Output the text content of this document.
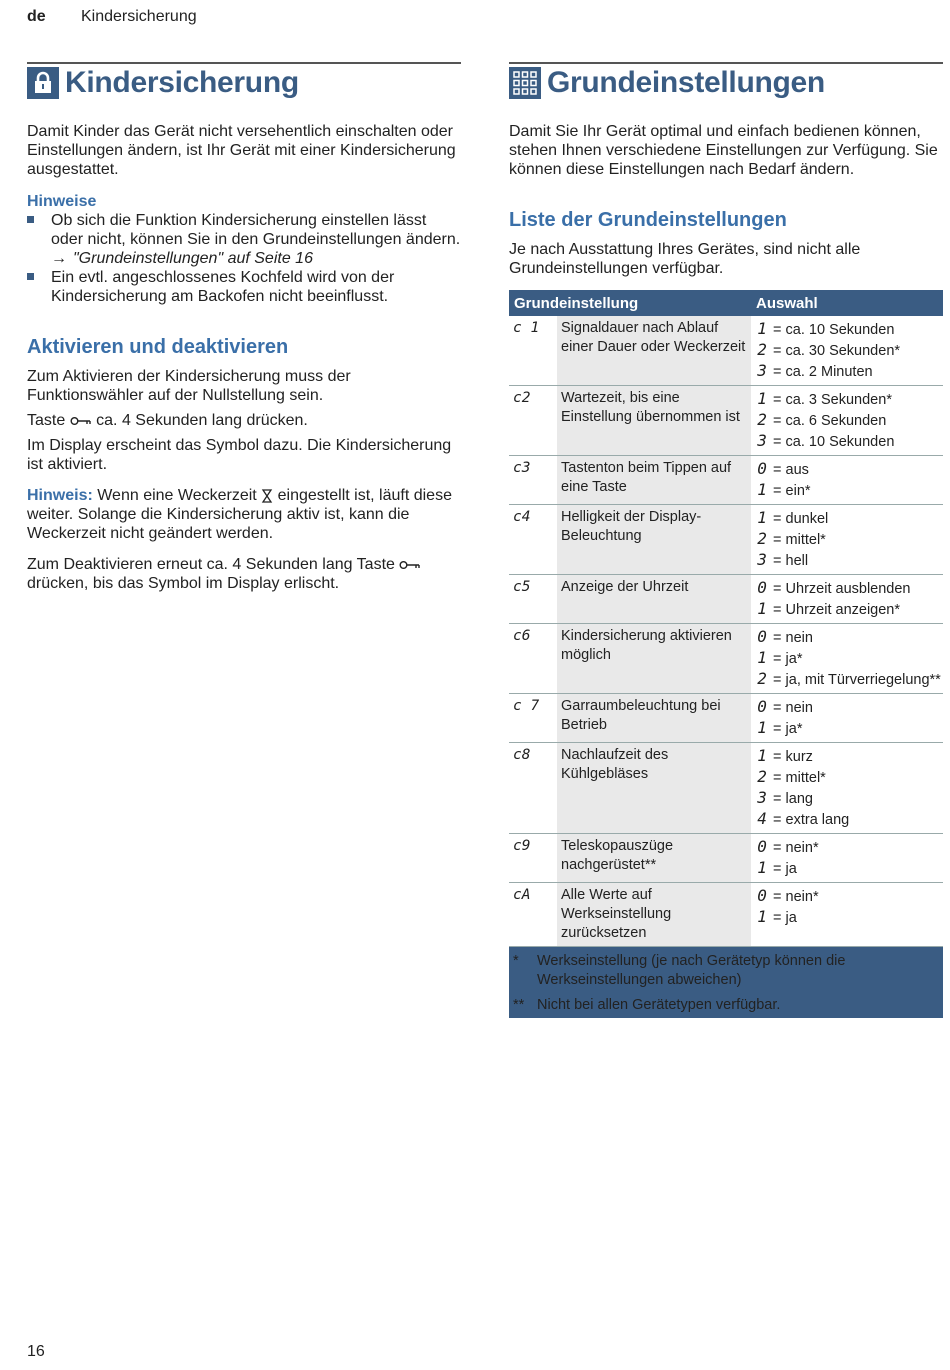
de Kindersicherung
Kindersicherung

Damit Kinder das Gerät nicht versehentlich einschalten oder Einstellungen ändern, ist Ihr Gerät mit einer Kindersicherung ausgestattet.

Hinweise
Ob sich die Funktion Kindersicherung einstellen lässt oder nicht, können Sie in den Grundeinstellungen ändern.
→ "Grundeinstellungen" auf Seite 16
Ein evtl. angeschlossenes Kochfeld wird von der Kindersicherung am Backofen nicht beeinflusst.
Aktivieren und deaktivieren

Zum Aktivieren der Kindersicherung muss der Funktionswähler auf der Nullstellung sein.

Taste ca. 4 Sekunden lang drücken.

Im Display erscheint das Symbol dazu. Die Kindersicherung ist aktiviert.

Hinweis: Wenn eine Weckerzeit eingestellt ist, läuft diese weiter. Solange die Kindersicherung aktiv ist, kann die Weckerzeit nicht geändert werden.

Zum Deaktivieren erneut ca. 4 Sekunden lang Taste  drücken, bis das Symbol im Display erlischt.

Grundeinstellungen

Damit Sie Ihr Gerät optimal und einfach bedienen können, stehen Ihnen verschiedene Einstellungen zur Verfügung. Sie können diese Einstellungen nach Bedarf ändern.

Liste der Grundeinstellungen

Je nach Ausstattung Ihres Gerätes, sind nicht alle Grundeinstellungen verfügbar.

Grundeinstellung		Auswahl
c 1	Signaldauer nach Ablauf einer Dauer oder Weckerzeit	1 = ca. 10 Sekunden
2 = ca. 30 Sekunden*
3 = ca. 2 Minuten

c2	Wartezeit, bis eine Einstellung übernommen ist	1 = ca. 3 Sekunden*
2 = ca. 6 Sekunden
3 = ca. 10 Sekunden

c3	Tastenton beim Tippen auf eine Taste	0 = aus
1 = ein*

c4	Helligkeit der Display-Beleuchtung	1 = dunkel
2 = mittel*
3 = hell

c5	Anzeige der Uhrzeit	0 = Uhrzeit ausblenden
1 = Uhrzeit anzeigen*

c6	Kindersicherung aktivieren möglich	0 = nein
1 = ja*
2 = ja, mit Türverriegelung**

c 7	Garraumbeleuchtung bei Betrieb	0 = nein
1 = ja*

c8	Nachlaufzeit des Kühlgebläses	1 = kurz
2 = mittel*
3 = lang
4 = extra lang

c9	Teleskopauszüge nachgerüstet**	0 = nein*
1 = ja

cA	Alle Werte auf Werkseinstellung zurücksetzen	0 = nein*
1 = ja

* Werkseinstellung (je nach Gerätetyp können die Werkseinstellungen abweichen)		
** Nicht bei allen Gerätetypen verfügbar.		
16
